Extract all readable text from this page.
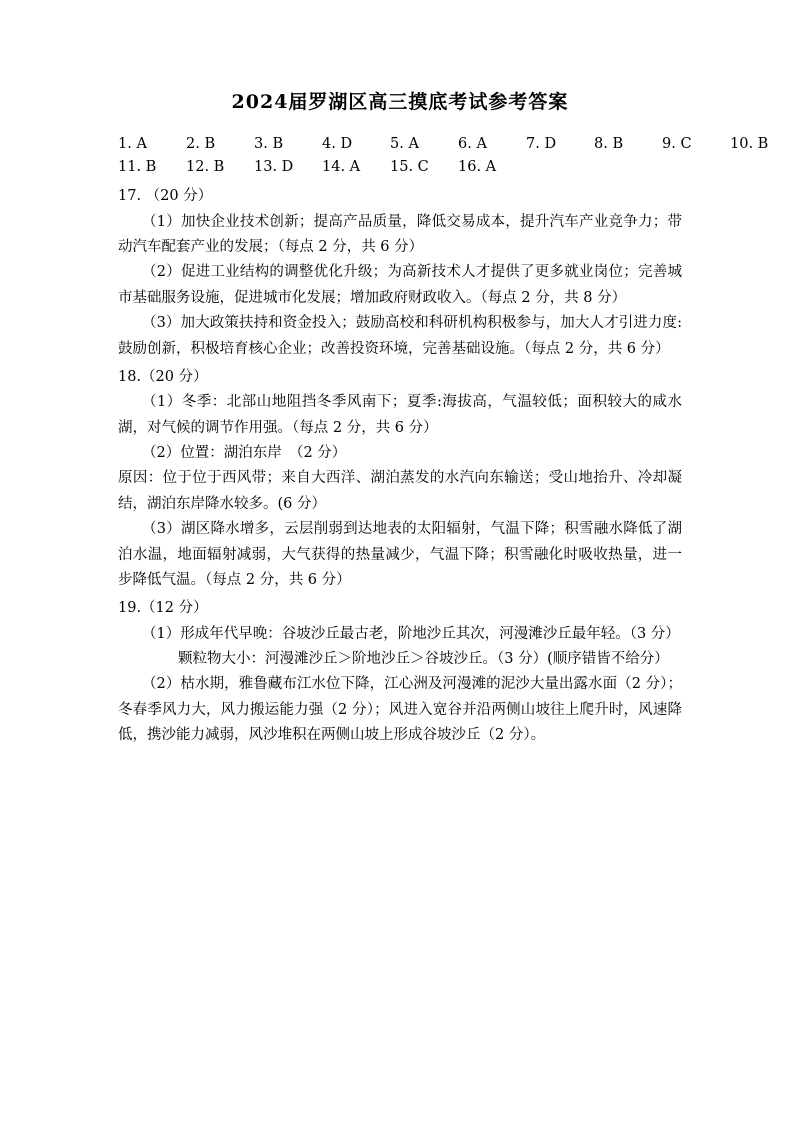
2024届罗湖区高三摸底考试参考答案
1. A	2. B	3. B	4. D	5. A	6. A	7. D	8. B	9. C	10. B
11. B 12. B 13. D 14. A 15. C 16. A
17. （20 分）
（1）加快企业技术创新；提高产品质量，降低交易成本，提升汽车产业竞争力；带动汽车配套产业的发展；（每点 2 分，共 6 分）
（2）促进工业结构的调整优化升级；为高新技术人才提供了更多就业岗位；完善城市基础服务设施，促进城市化发展；增加政府财政收入。（每点 2 分，共 8 分）
（3）加大政策扶持和资金投入；鼓励高校和科研机构积极参与，加大人才引进力度:鼓励创新，积极培育核心企业；改善投资环境，完善基础设施。（每点 2 分，共 6 分）
18.（20 分）
（1）冬季：北部山地阻挡冬季风南下；夏季:海拔高，气温较低；面积较大的咸水湖，对气候的调节作用强。（每点 2 分，共 6 分）
（2）位置：湖泊东岸　（2 分）
原因：位于位于西风带；来自大西洋、湖泊蒸发的水汽向东输送；受山地抬升、冷却凝结，湖泊东岸降水较多。(6 分）
（3）湖区降水增多，云层削弱到达地表的太阳辐射，气温下降；积雪融水降低了湖泊水温，地面辐射减弱，大气获得的热量减少，气温下降；积雪融化时吸收热量，进一步降低气温。（每点 2 分，共 6 分）
19.（12 分）
（1）形成年代早晚：谷坡沙丘最古老，阶地沙丘其次，河漫滩沙丘最年轻。（3 分）
颗粒物大小：河漫滩沙丘＞阶地沙丘＞谷坡沙丘。（3 分）(顺序错皆不给分）
（2）枯水期，雅鲁藏布江水位下降，江心洲及河漫滩的泥沙大量出露水面（2 分）；冬春季风力大，风力搬运能力强（2 分）；风进入宽谷并沿两侧山坡往上爬升时，风速降低，携沙能力减弱，风沙堆积在两侧山坡上形成谷坡沙丘（2 分）。
